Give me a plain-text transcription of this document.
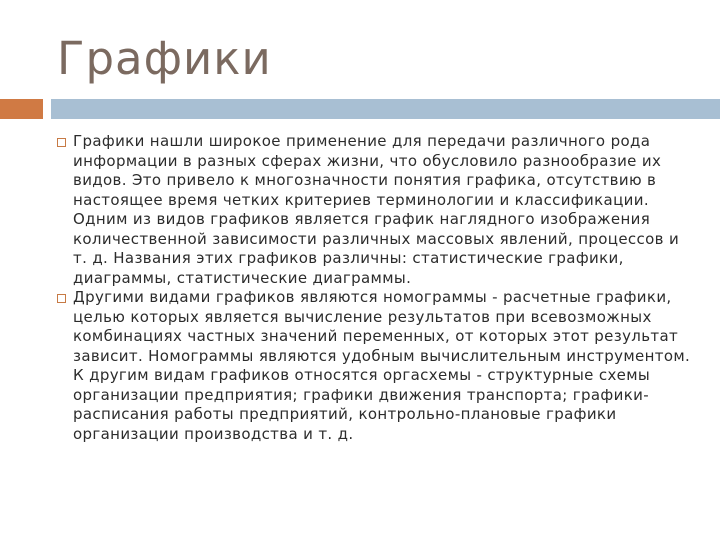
Графики

Графики нашли широкое применение для передачи различного рода информации в разных сферах жизни, что обусловило разнообразие их видов. Это привело к многозначности понятия графика, отсутствию в настоящее время четких критериев терминологии и классификации. Одним из видов графиков является график наглядного изображения количественной зависимости различных массовых явлений, процессов и т. д. Названия этих графиков различны: статистические графики, диаграммы, статистические диаграммы.

Другими видами графиков являются номограммы - расчетные графики, целью которых является вычисление результатов при всевозможных комбинациях частных значений переменных, от которых этот результат зависит. Номограммы являются удобным вычислительным инструментом. К другим видам графиков относятся оргасхемы - структурные схемы организации предприятия; графики движения транспорта; графики-расписания работы предприятий, контрольно-плановые графики организации производства и т. д.
